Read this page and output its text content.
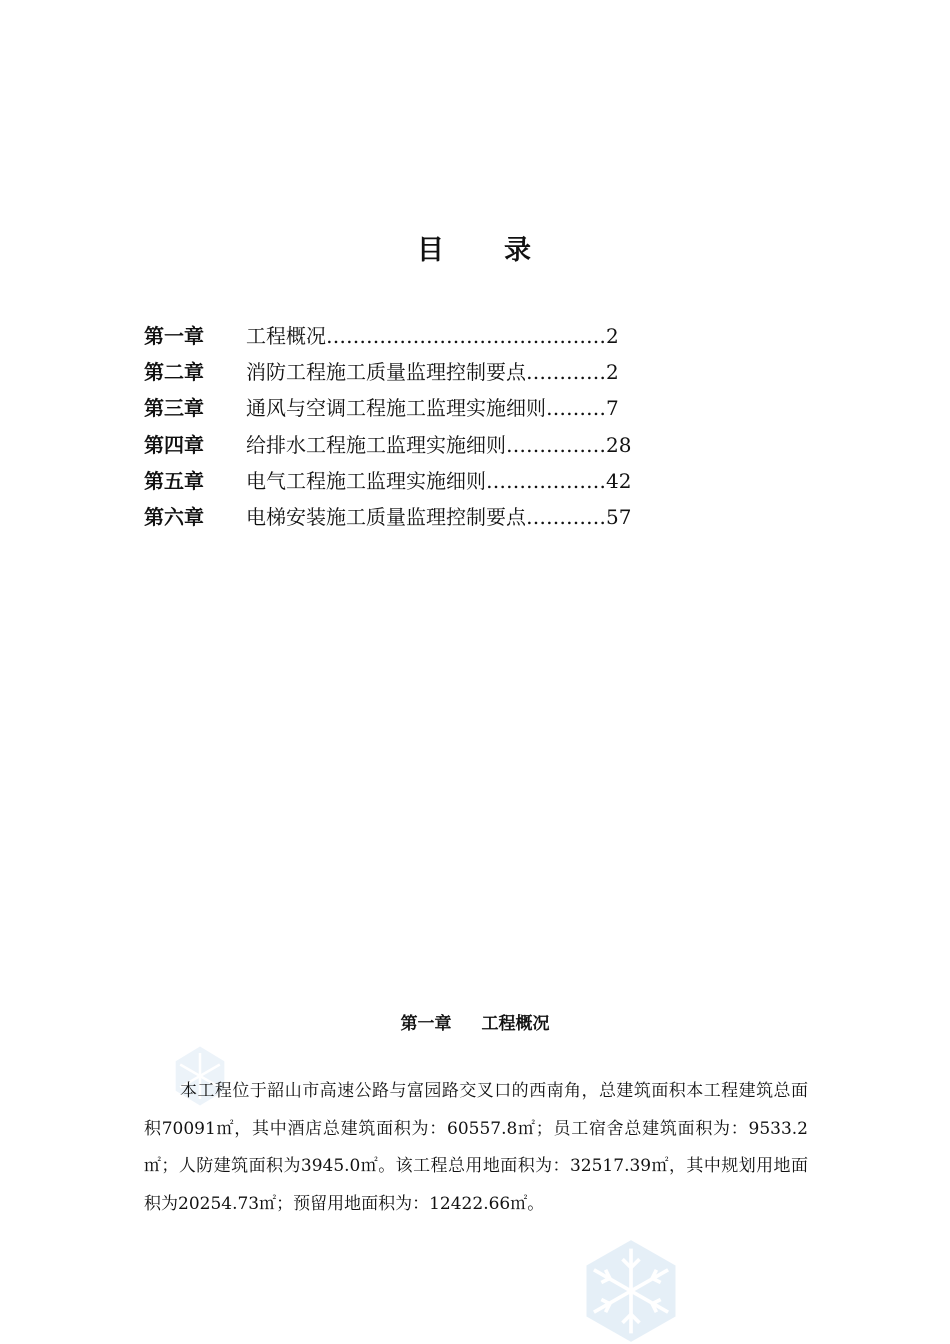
目 录
第一章	工程概况……………………………………2
第二章	消防工程施工质量监理控制要点…………2
第三章	通风与空调工程施工监理实施细则………7
第四章	给排水工程施工监理实施细则……………28
第五章	电气工程施工监理实施细则………………42
第六章	电梯安装施工质量监理控制要点…………57
第一章 工程概况

本工程位于韶山市高速公路与富园路交叉口的西南角，总建筑面积本工程建筑总面积70091㎡，其中酒店总建筑面积为：60557.8㎡；员工宿舍总建筑面积为：9533.2㎡；人防建筑面积为3945.0㎡。该工程总用地面积为：32517.39㎡，其中规划用地面积为20254.73㎡；预留用地面积为：12422.66㎡。
